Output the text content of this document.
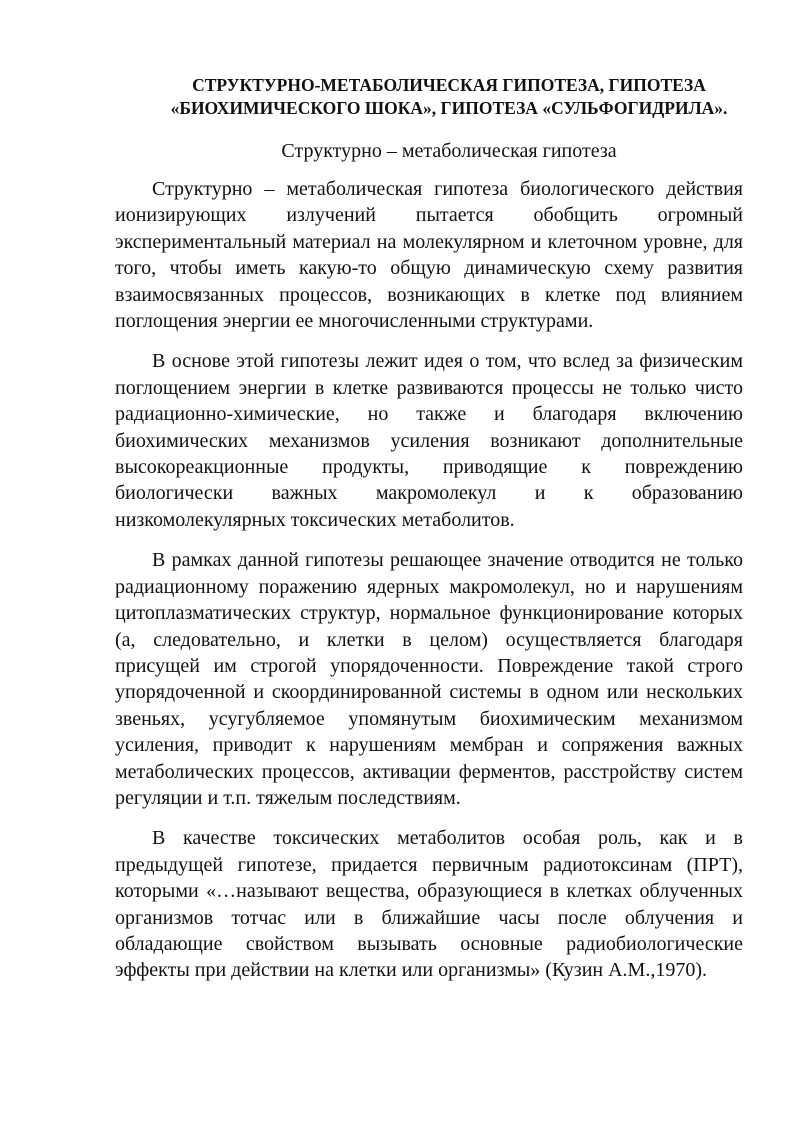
СТРУКТУРНО-МЕТАБОЛИЧЕСКАЯ ГИПОТЕЗА, ГИПОТЕЗА
«БИОХИМИЧЕСКОГО ШОКА», ГИПОТЕЗА «СУЛЬФОГИДРИЛА».
Структурно – метаболическая гипотеза

Структурно – метаболическая гипотеза биологического действия ионизирующих излучений пытается обобщить огромный экспериментальный материал на молекулярном и клеточном уровне, для того, чтобы иметь какую-то общую динамическую схему развития взаимосвязанных процессов, возникающих в клетке под влиянием поглощения энергии ее многочисленными структурами.

В основе этой гипотезы лежит идея о том, что вслед за физическим поглощением энергии в клетке развиваются процессы не только чисто радиационно-химические, но также и благодаря включению биохимических механизмов усиления возникают дополнительные высокореакционные продукты, приводящие к повреждению биологически важных макромолекул и к образованию низкомолекулярных токсических метаболитов.

В рамках данной гипотезы решающее значение отводится не только радиационному поражению ядерных макромолекул, но и нарушениям цитоплазматических структур, нормальное функционирование которых (а, следовательно, и клетки в целом) осуществляется благодаря присущей им строгой упорядоченности. Повреждение такой строго упорядоченной и скоординированной системы в одном или нескольких звеньях, усугубляемое упомянутым биохимическим механизмом усиления, приводит к нарушениям мембран и сопряжения важных метаболических процессов, активации ферментов, расстройству систем регуляции и т.п. тяжелым последствиям.

В качестве токсических метаболитов особая роль, как и в предыдущей гипотезе, придается первичным радиотоксинам (ПРТ), которыми «…называют вещества, образующиеся в клетках облученных организмов тотчас или в ближайшие часы после облучения и обладающие свойством вызывать основные радиобиологические эффекты при действии на клетки или организмы» (Кузин А.М.,1970).
